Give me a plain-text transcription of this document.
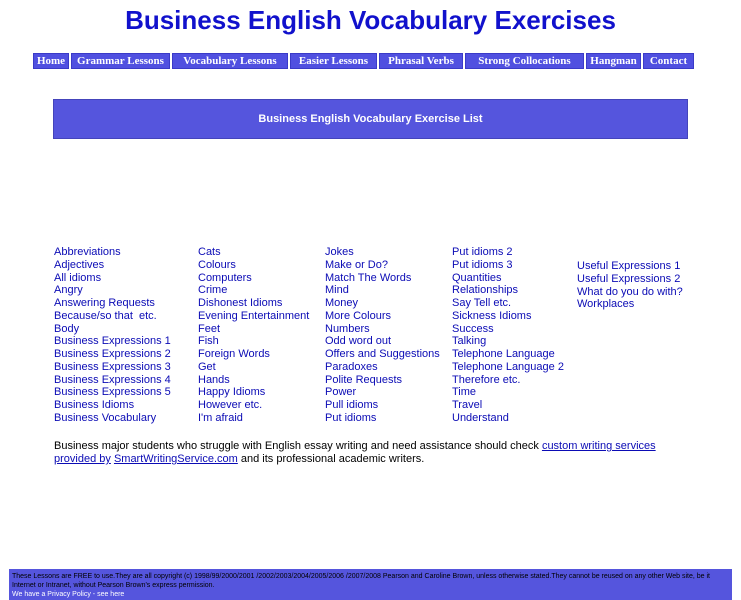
Business English Vocabulary Exercises
Home	Grammar Lessons	Vocabulary Lessons	Easier Lessons	Phrasal Verbs	Strong Collocations	Hangman	Contact
Business English Vocabulary Exercise List
Abbreviations
Adjectives
All idioms
Angry
Answering Requests
Because/so that  etc.
Body
Business Expressions 1
Business Expressions 2
Business Expressions 3
Business Expressions 4
Business Expressions 5
Business Idioms
Business Vocabulary
Cats
Colours
Computers
Crime
Dishonest Idioms
Evening Entertainment
Feet
Fish
Foreign Words
Get
Hands
Happy Idioms
However etc.
I'm afraid
Jokes
Make or Do?
Match The Words
Mind
Money
More Colours
Numbers
Odd word out
Offers and Suggestions
Paradoxes
Polite Requests
Power
Pull idioms
Put idioms
Put idioms 2
Put idioms 3
Quantities
Relationships
Say Tell etc.
Sickness Idioms
Success
Talking
Telephone Language
Telephone Language 2
Therefore etc.
Time
Travel
Understand
Useful Expressions 1
Useful Expressions 2
What do you do with?
Workplaces
Business major students who struggle with English essay writing and need assistance should check custom writing services provided by SmartWritingService.com and its professional academic writers.
These Lessons are FREE to use.They are all copyright (c) 1998/99/2000/2001 /2002/2003/2004/2005/2006 /2007/2008 Pearson and Caroline Brown, unless otherwise stated.They cannot be reused on any other Web site, be it Internet or Intranet, without Pearson Brown's express permission.
We have a Privacy Policy - see here
